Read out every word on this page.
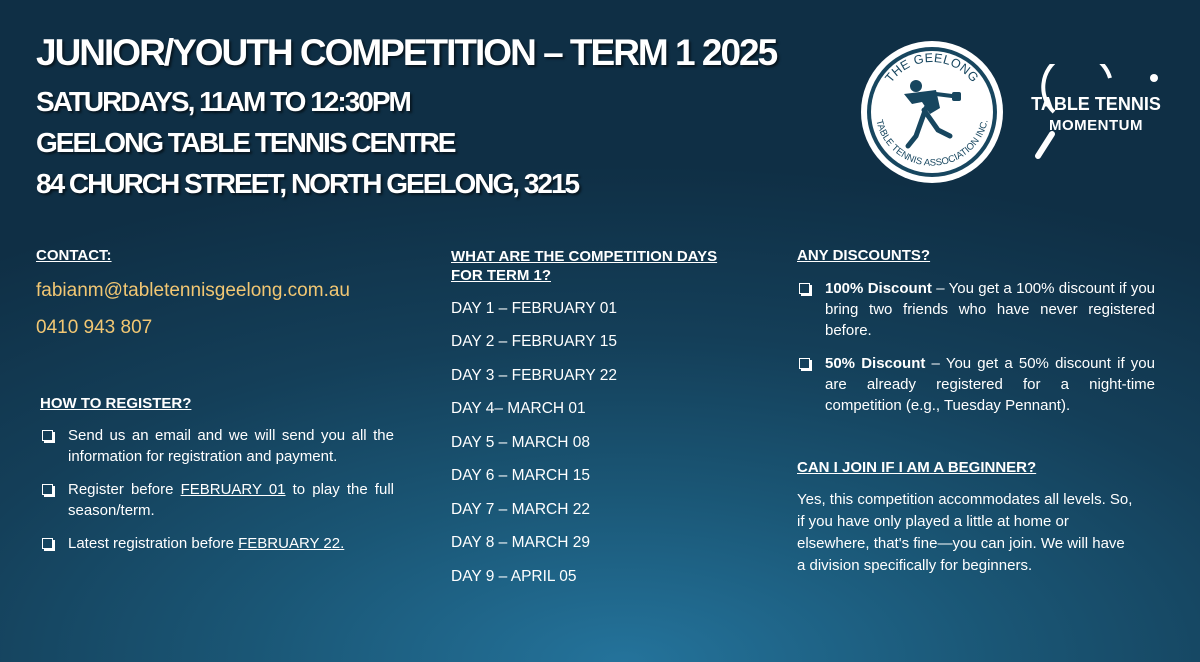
JUNIOR/YOUTH COMPETITION – TERM 1 2025
SATURDAYS, 11AM TO 12:30PM
GEELONG TABLE TENNIS CENTRE
84 CHURCH STREET, NORTH GEELONG, 3215
THE GEELONG
TABLE TENNIS ASSOCIATION INC.
TABLE TENNIS
MOMENTUM
CONTACT:
fabianm@tabletennisgeelong.com.au
0410 943 807
HOW TO REGISTER?
Send us an email and we will send you all the information for registration and payment.
Register before FEBRUARY 01 to play the full season/term.
Latest registration before FEBRUARY 22.
WHAT ARE THE COMPETITION DAYS
FOR TERM 1?
DAY 1 – FEBRUARY 01
DAY 2 – FEBRUARY 15
DAY 3 – FEBRUARY 22
DAY 4– MARCH 01
DAY 5 – MARCH 08
DAY 6 – MARCH 15
DAY 7 – MARCH 22
DAY 8 – MARCH 29
DAY 9 – APRIL 05
ANY DISCOUNTS?
100% Discount – You get a 100% discount if you bring two friends who have never registered before.
50% Discount – You get a 50% discount if you are already registered for a night-time competition (e.g., Tuesday Pennant).
CAN I JOIN IF I AM A BEGINNER?
Yes, this competition accommodates all levels. So, if you have only played a little at home or elsewhere, that's fine—you can join. We will have a division specifically for beginners.
